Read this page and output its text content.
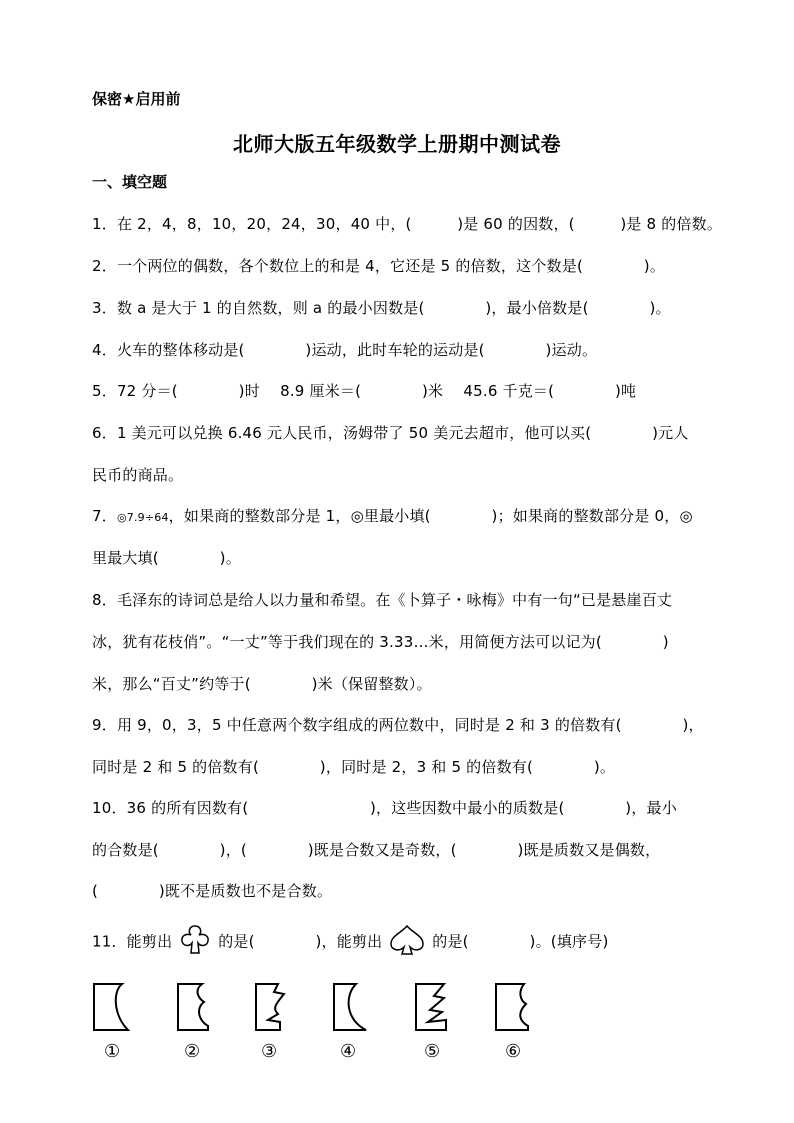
保密★启用前
北师大版五年级数学上册期中测试卷
一、填空题
1．在 2，4，8，10，20，24，30，40 中，(　　　)是 60 的因数，(　　　)是 8 的倍数。
2．一个两位的偶数，各个数位上的和是 4，它还是 5 的倍数，这个数是(　　　　)。
3．数 a 是大于 1 的自然数，则 a 的最小因数是(　　　　)，最小倍数是(　　　　)。
4．火车的整体移动是(　　　　)运动，此时车轮的运动是(　　　　)运动。
5．72 分＝(　　　　)时　 8.9 厘米＝(　　　　)米　 45.6 千克＝(　　　　)吨
6．1 美元可以兑换 6.46 元人民币，汤姆带了 50 美元去超市，他可以买(　　　　)元人
民币的商品。
7．◎7.9÷64，如果商的整数部分是 1，◎里最小填(　　　　)；如果商的整数部分是 0，◎
里最大填(　　　　)。
8．毛泽东的诗词总是给人以力量和希望。在《卜算子・咏梅》中有一句“已是悬崖百丈
冰，犹有花枝俏”。“一丈”等于我们现在的 3.33…米，用简便方法可以记为(　　　　)
米，那么“百丈”约等于(　　　　)米（保留整数）。
9．用 9，0，3，5 中任意两个数字组成的两位数中，同时是 2 和 3 的倍数有(　　　　)，
同时是 2 和 5 的倍数有(　　　　)，同时是 2，3 和 5 的倍数有(　　　　)。
10．36 的所有因数有(　　　　　　　　)，这些因数中最小的质数是(　　　　)，最小
的合数是(　　　　)，(　　　　)既是合数又是奇数，(　　　　)既是质数又是偶数，
(　　　　)既不是质数也不是合数。
11．能剪出	的是(　　　　)，能剪出	的是(　　　　)。(填序号)
①	②	③	④	⑤	⑥
